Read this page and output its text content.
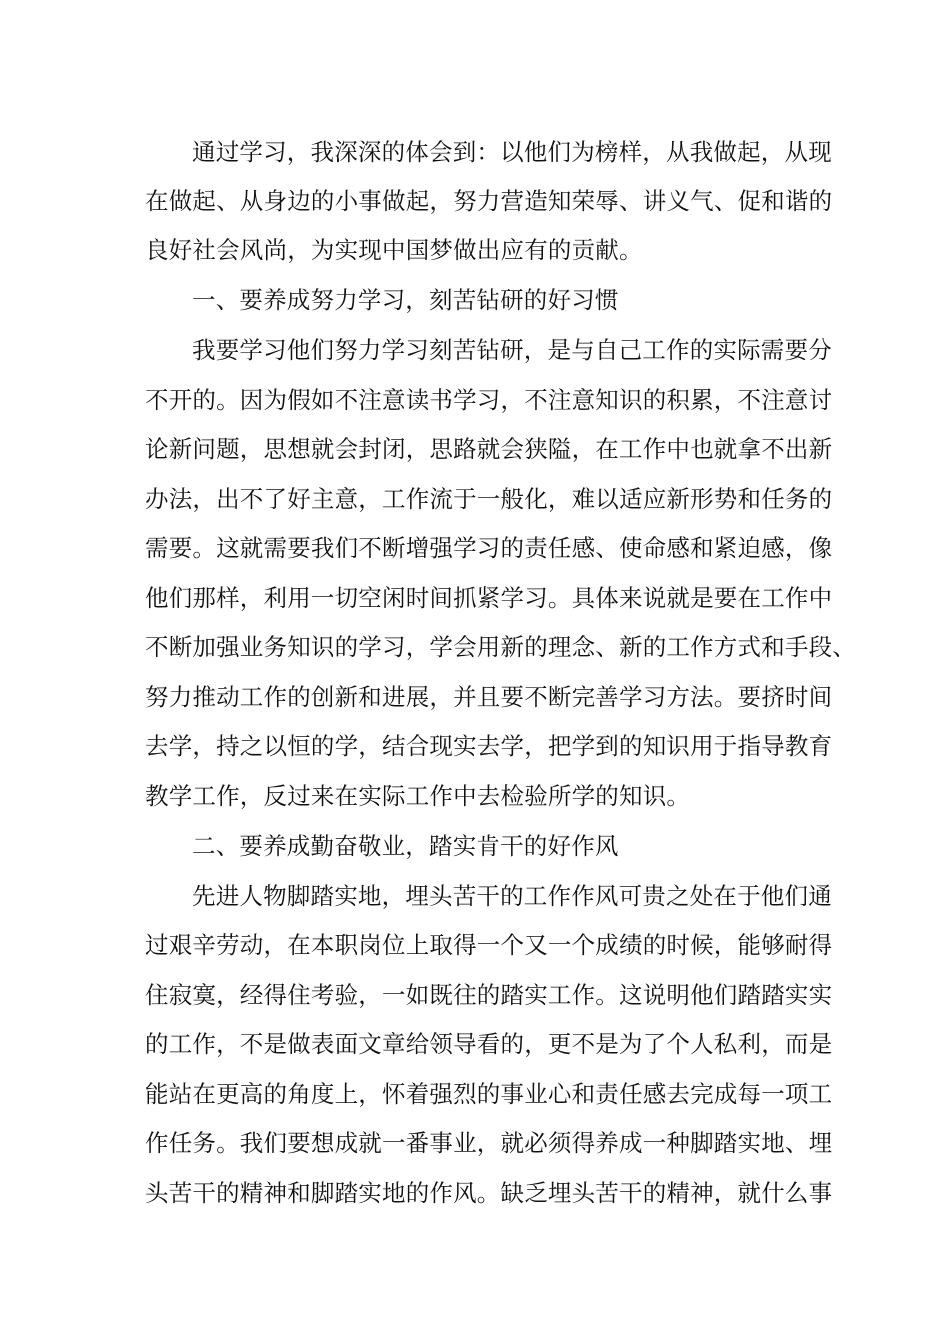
通过学习，我深深的体会到：以他们为榜样，从我做起，从现
在做起、从身边的小事做起，努力营造知荣辱、讲义气、促和谐的
良好社会风尚，为实现中国梦做出应有的贡献。
一、要养成努力学习，刻苦钻研的好习惯
我要学习他们努力学习刻苦钻研，是与自己工作的实际需要分
不开的。因为假如不注意读书学习，不注意知识的积累，不注意讨
论新问题，思想就会封闭，思路就会狭隘，在工作中也就拿不出新
办法，出不了好主意，工作流于一般化，难以适应新形势和任务的
需要。这就需要我们不断增强学习的责任感、使命感和紧迫感，像
他们那样，利用一切空闲时间抓紧学习。具体来说就是要在工作中
不断加强业务知识的学习，学会用新的理念、新的工作方式和手段、
努力推动工作的创新和进展，并且要不断完善学习方法。要挤时间
去学，持之以恒的学，结合现实去学，把学到的知识用于指导教育
教学工作，反过来在实际工作中去检验所学的知识。
二、要养成勤奋敬业，踏实肯干的好作风
先进人物脚踏实地，埋头苦干的工作作风可贵之处在于他们通
过艰辛劳动，在本职岗位上取得一个又一个成绩的时候，能够耐得
住寂寞，经得住考验，一如既往的踏实工作。这说明他们踏踏实实
的工作，不是做表面文章给领导看的，更不是为了个人私利，而是
能站在更高的角度上，怀着强烈的事业心和责任感去完成每一项工
作任务。我们要想成就一番事业，就必须得养成一种脚踏实地、埋
头苦干的精神和脚踏实地的作风。缺乏埋头苦干的精神，就什么事
